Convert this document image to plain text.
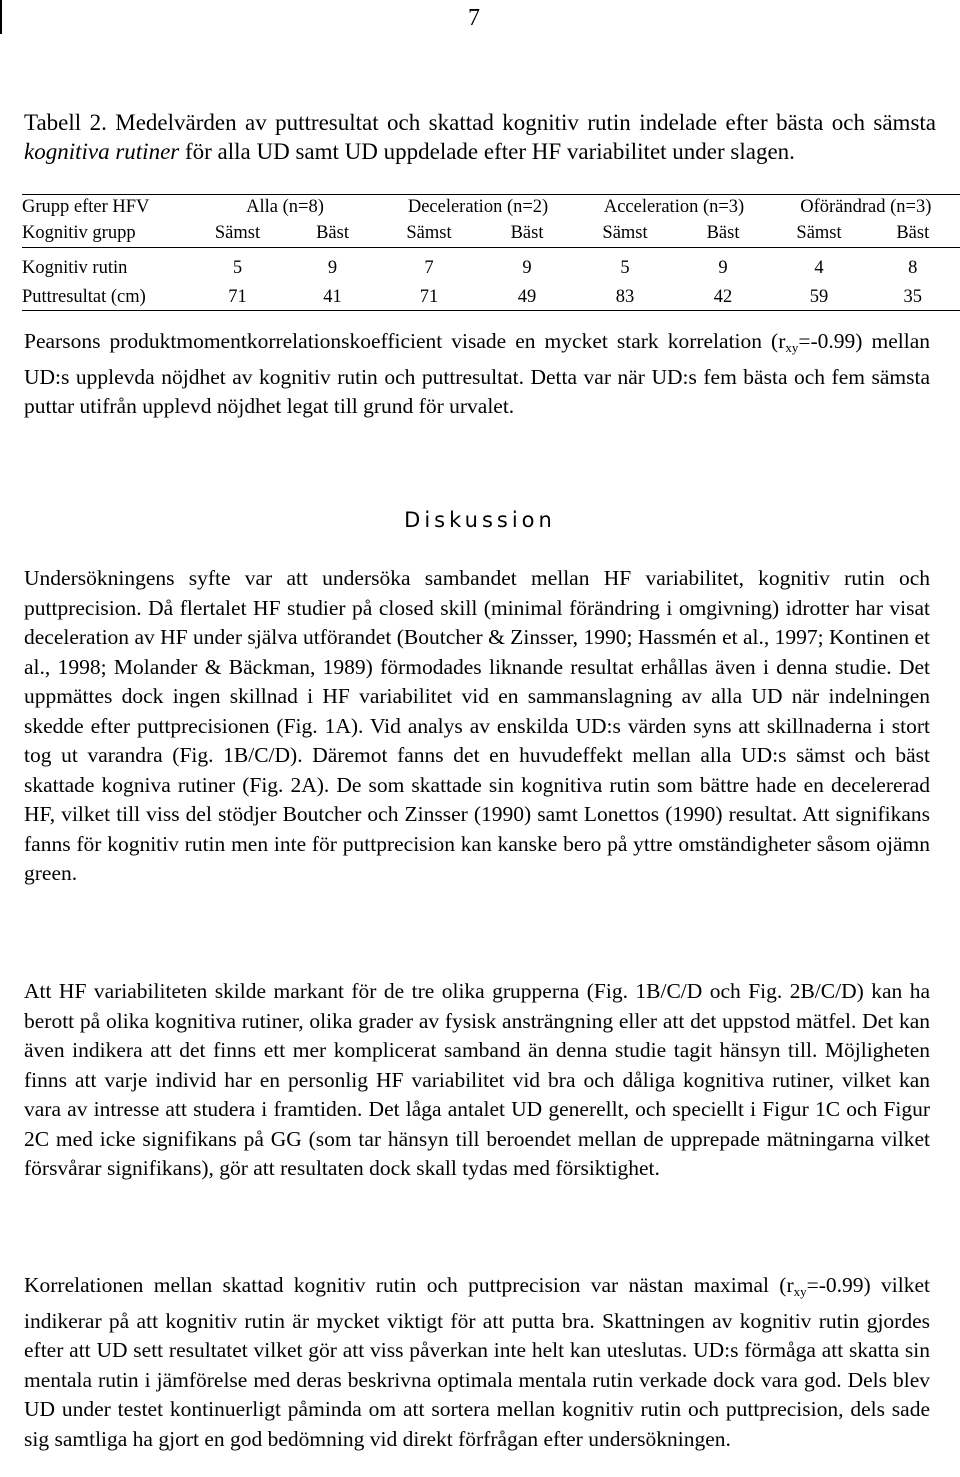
7
Tabell 2. Medelvärden av puttresultat och skattad kognitiv rutin indelade efter bästa och sämsta kognitiva rutiner för alla UD samt UD uppdelade efter HF variabilitet under slagen.
Grupp efter HFV	Alla (n=8)		Deceleration (n=2)		Acceleration (n=3)		Oförändrad (n=3)	
Kognitiv grupp	Sämst	Bäst	Sämst	Bäst	Sämst	Bäst	Sämst	Bäst
Kognitiv rutin	5	9	7	9	5	9	4	8
Puttresultat (cm)	71	41	71	49	83	42	59	35
Pearsons produktmomentkorrelationskoefficient visade en mycket stark korrelation $(r_{xy}=-0.99)$ mellan UD:s upplevda nöjdhet av kognitiv rutin och puttresultat. Detta var när UD:s fem bästa och fem sämsta puttar utifrån upplevd nöjdhet legat till grund för urvalet.
Diskussion
Undersökningens syfte var att undersöka sambandet mellan HF variabilitet, kognitiv rutin och puttprecision. Då flertalet HF studier på closed skill (minimal förändring i omgivning) idrotter har visat deceleration av HF under själva utförandet (Boutcher & Zinsser, 1990; Hassmén et al., 1997; Kontinen et al., 1998; Molander & Bäckman, 1989) förmodades liknande resultat erhållas även i denna studie. Det uppmättes dock ingen skillnad i HF variabilitet vid en sammanslagning av alla UD när indelningen skedde efter puttprecisionen (Fig. 1A). Vid analys av enskilda UD:s värden syns att skillnaderna i stort tog ut varandra (Fig. 1B/C/D). Däremot fanns det en huvudeffekt mellan alla UD:s sämst och bäst skattade kogniva rutiner (Fig. 2A). De som skattade sin kognitiva rutin som bättre hade en decelererad HF, vilket till viss del stödjer Boutcher och Zinsser (1990) samt Lonettos (1990) resultat. Att signifikans fanns för kognitiv rutin men inte för puttprecision kan kanske bero på yttre omständigheter såsom ojämn green.
Att HF variabiliteten skilde markant för de tre olika grupperna (Fig. 1B/C/D och Fig. 2B/C/D) kan ha berott på olika kognitiva rutiner, olika grader av fysisk ansträngning eller att det uppstod mätfel. Det kan även indikera att det finns ett mer komplicerat samband än denna studie tagit hänsyn till. Möjligheten finns att varje individ har en personlig HF variabilitet vid bra och dåliga kognitiva rutiner, vilket kan vara av intresse att studera i framtiden. Det låga antalet UD generellt, och speciellt i Figur 1C och Figur 2C med icke signifikans på GG (som tar hänsyn till beroendet mellan de upprepade mätningarna vilket försvårar signifikans), gör att resultaten dock skall tydas med försiktighet.
Korrelationen mellan skattad kognitiv rutin och puttprecision var nästan maximal $(r_{xy}=-0.99)$ vilket indikerar på att kognitiv rutin är mycket viktigt för att putta bra. Skattningen av kognitiv rutin gjordes efter att UD sett resultatet vilket gör att viss påverkan inte helt kan uteslutas. UD:s förmåga att skatta sin mentala rutin i jämförelse med deras beskrivna optimala mentala rutin verkade dock vara god. Dels blev UD under testet kontinuerligt påminda om att sortera mellan kognitiv rutin och puttprecision, dels sade sig samtliga ha gjort en god bedömning vid direkt förfrågan efter undersökningen.
